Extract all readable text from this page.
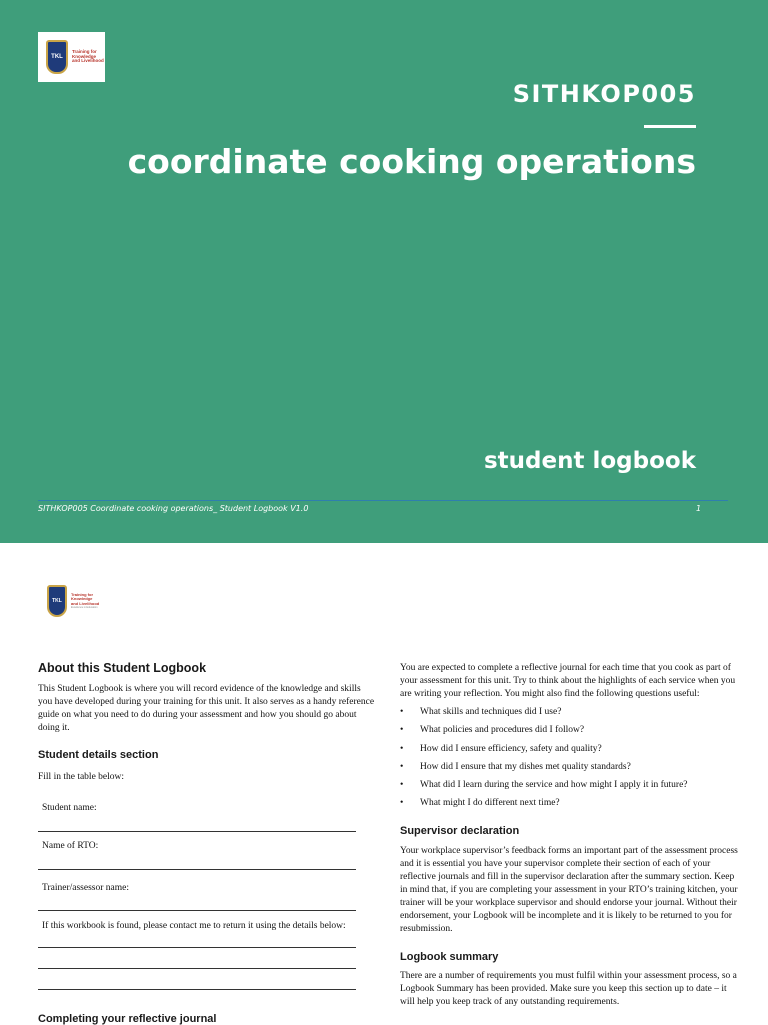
TKL
Training for
Knowledge
and Livelihood
SITHKOP005
coordinate cooking operations
student logbook
SITHKOP005 Coordinate cooking operations_ Student Logbook V1.0	1
TKL
Training for
Knowledge
and Livelihood
Excellence in Education
About this Student Logbook
This Student Logbook is where you will record evidence of the knowledge and skills
you have developed during your training for this unit. It also serves as a handy reference
guide on what you need to do during your assessment and how you should go about
doing it.
Student details section
Fill in the table below:
Student name:
Name of RTO:
Trainer/assessor name:
If this workbook is found, please contact me to return it using the details below:
Completing your reflective journal
You are expected to complete a reflective journal for each time that you cook as part of
your assessment for this unit. Try to think about the highlights of each service when you
are writing your reflection. You might also find the following questions useful:
• What skills and techniques did I use?
• What policies and procedures did I follow?
• How did I ensure efficiency, safety and quality?
• How did I ensure that my dishes met quality standards?
• What did I learn during the service and how might I apply it in future?
• What might I do different next time?
Supervisor declaration
Your workplace supervisor’s feedback forms an important part of the assessment process
and it is essential you have your supervisor complete their section of each of your
reflective journals and fill in the supervisor declaration after the summary section. Keep
in mind that, if you are completing your assessment in your RTO’s training kitchen, your
trainer will be your workplace supervisor and should endorse your journal. Without their
endorsement, your Logbook will be incomplete and it is likely to be returned to you for
resubmission.
Logbook summary
There are a number of requirements you must fulfil within your assessment process, so a
Logbook Summary has been provided. Make sure you keep this section up to date – it
will help you keep track of any outstanding requirements.
